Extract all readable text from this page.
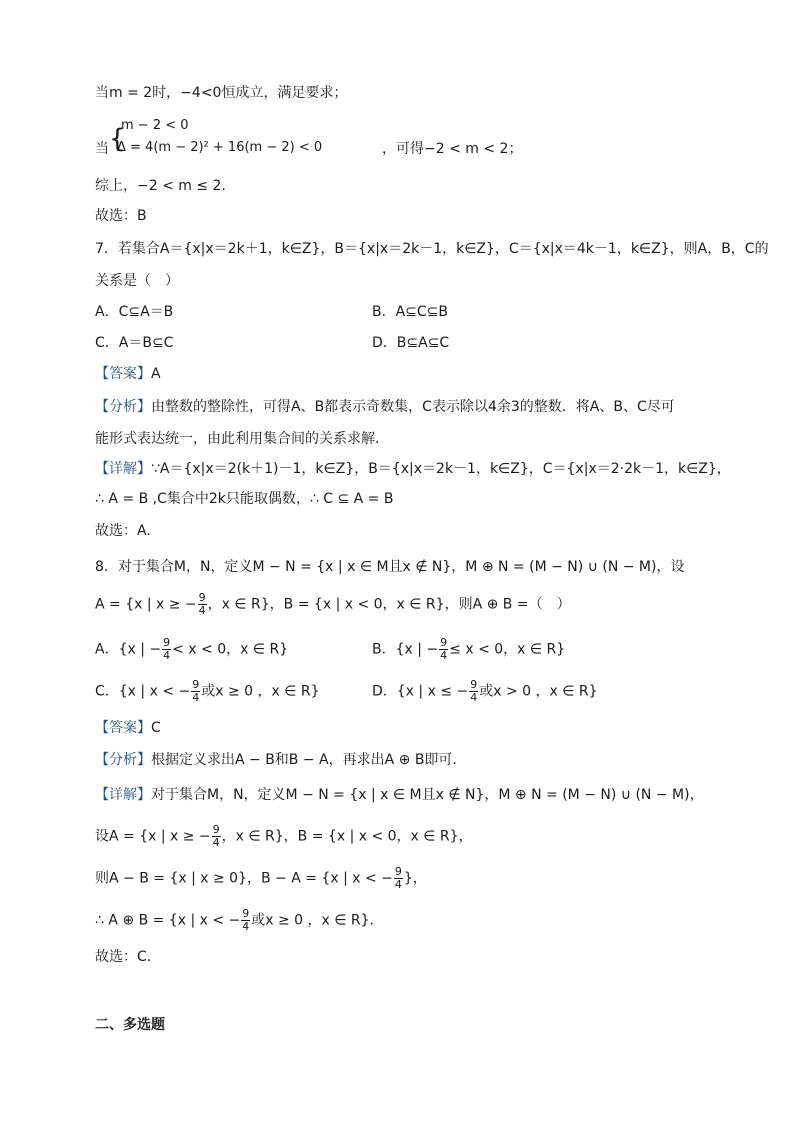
当m = 2时，−4<0恒成立，满足要求；
当 {
m − 2 < 0
Δ = 4(m − 2)² + 16(m − 2) < 0	，可得−2 < m < 2；
综上，−2 < m ≤ 2.
故选：B
7．若集合A＝{x|x＝2k＋1，k∈Z}，B＝{x|x＝2k－1，k∈Z}，C＝{x|x＝4k－1，k∈Z}，则A，B，C的
关系是（　）
A．C⊆A＝B	B．A⊆C⊆B
C．A＝B⊆C	D．B⊆A⊆C
【答案】A
【分析】由整数的整除性，可得A、B都表示奇数集，C表示除以4余3的整数．将A、B、C尽可
能形式表达统一，由此利用集合间的关系求解．
【详解】∵A＝{x|x＝2(k＋1)－1，k∈Z}，B＝{x|x＝2k－1，k∈Z}，C＝{x|x＝2·2k－1，k∈Z}，
∴ A = B ,C集合中2k只能取偶数，∴ C ⊆ A = B
故选：A.
8．对于集合M，N，定义M − N = {x | x ∈ M且x ∉ N}，M ⊕ N = (M − N) ∪ (N − M)，设
A = {x | x ≥ − $\frac{9}{4}$ ，x ∈ R}，B = {x | x < 0，x ∈ R}，则A ⊕ B =（　）
A．{x | − $\frac{9}{4} < x < 0$，x ∈ R}	B．{x | − $\frac{9}{4} \le x < 0$，x ∈ R}
C．{x | x < − $\frac{9}{4}$ 或x ≥ 0 ，x ∈ R}	D．{x | x ≤ − $\frac{9}{4}$ 或x > 0 ，x ∈ R}
【答案】C
【分析】根据定义求出A − B和B − A，再求出A ⊕ B即可．
【详解】对于集合M，N，定义M − N = {x | x ∈ M且x ∉ N}，M ⊕ N = (M − N) ∪ (N − M)，
设A = {x | x ≥ − $\frac{9}{4}$ ，x ∈ R}，B = {x | x < 0，x ∈ R}，
则A − B = {x | x ≥ 0}，B − A = {x | x < − $\frac{9}{4}$ }，
∴ A ⊕ B = {x | x < − $\frac{9}{4}$ 或x ≥ 0 ，x ∈ R}．
故选：C．
二、多选题
